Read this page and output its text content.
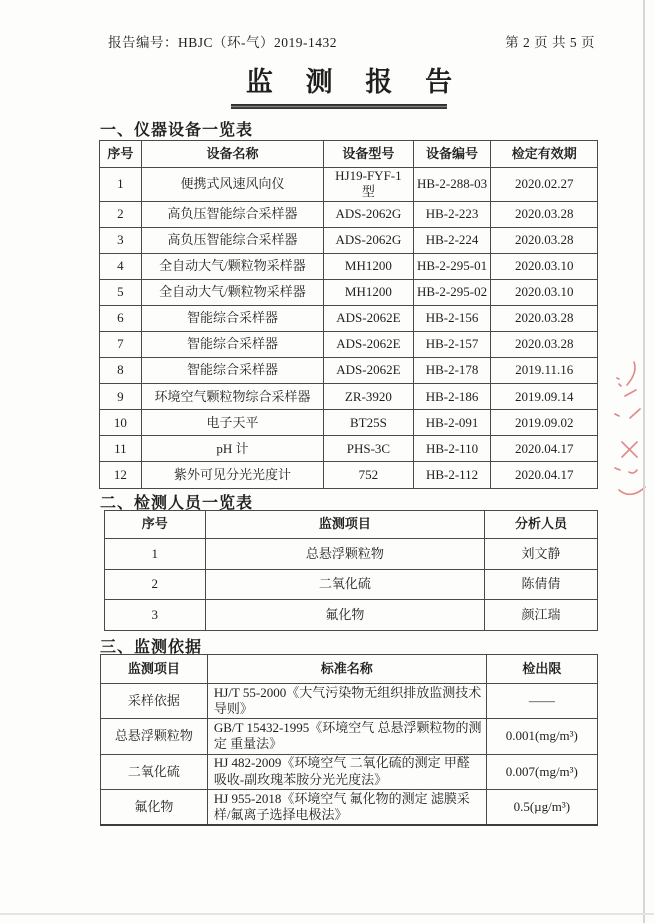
报告编号：HBJC（环-气）2019-1432	第 2 页 共 5 页
监 测 报 告
一、仪器设备一览表
序号	设备名称	设备型号	设备编号	检定有效期
1	便携式风速风向仪	HJ19-FYF-1 型	HB-2-288-03	2020.02.27
2	高负压智能综合采样器	ADS-2062G	HB-2-223	2020.03.28
3	高负压智能综合采样器	ADS-2062G	HB-2-224	2020.03.28
4	全自动大气/颗粒物采样器	MH1200	HB-2-295-01	2020.03.10
5	全自动大气/颗粒物采样器	MH1200	HB-2-295-02	2020.03.10
6	智能综合采样器	ADS-2062E	HB-2-156	2020.03.28
7	智能综合采样器	ADS-2062E	HB-2-157	2020.03.28
8	智能综合采样器	ADS-2062E	HB-2-178	2019.11.16
9	环境空气颗粒物综合采样器	ZR-3920	HB-2-186	2019.09.14
10	电子天平	BT25S	HB-2-091	2019.09.02
11	pH 计	PHS-3C	HB-2-110	2020.04.17
12	紫外可见分光光度计	752	HB-2-112	2020.04.17
二、检测人员一览表
序号	监测项目	分析人员
1	总悬浮颗粒物	刘文静
2	二氧化硫	陈倩倩
3	氟化物	颜江瑞
三、监测依据
监测项目	标准名称	检出限
采样依据	HJ/T 55-2000《大气污染物无组织排放监测技术导则》	——
总悬浮颗粒物	GB/T 15432-1995《环境空气 总悬浮颗粒物的测定 重量法》	0.001(mg/m³)
二氧化硫	HJ 482-2009《环境空气 二氧化硫的测定 甲醛吸收-副玫瑰苯胺分光光度法》	0.007(mg/m³)
氟化物	HJ 955-2018《环境空气 氟化物的测定 滤膜采样/氟离子选择电极法》	0.5(µg/m³)
